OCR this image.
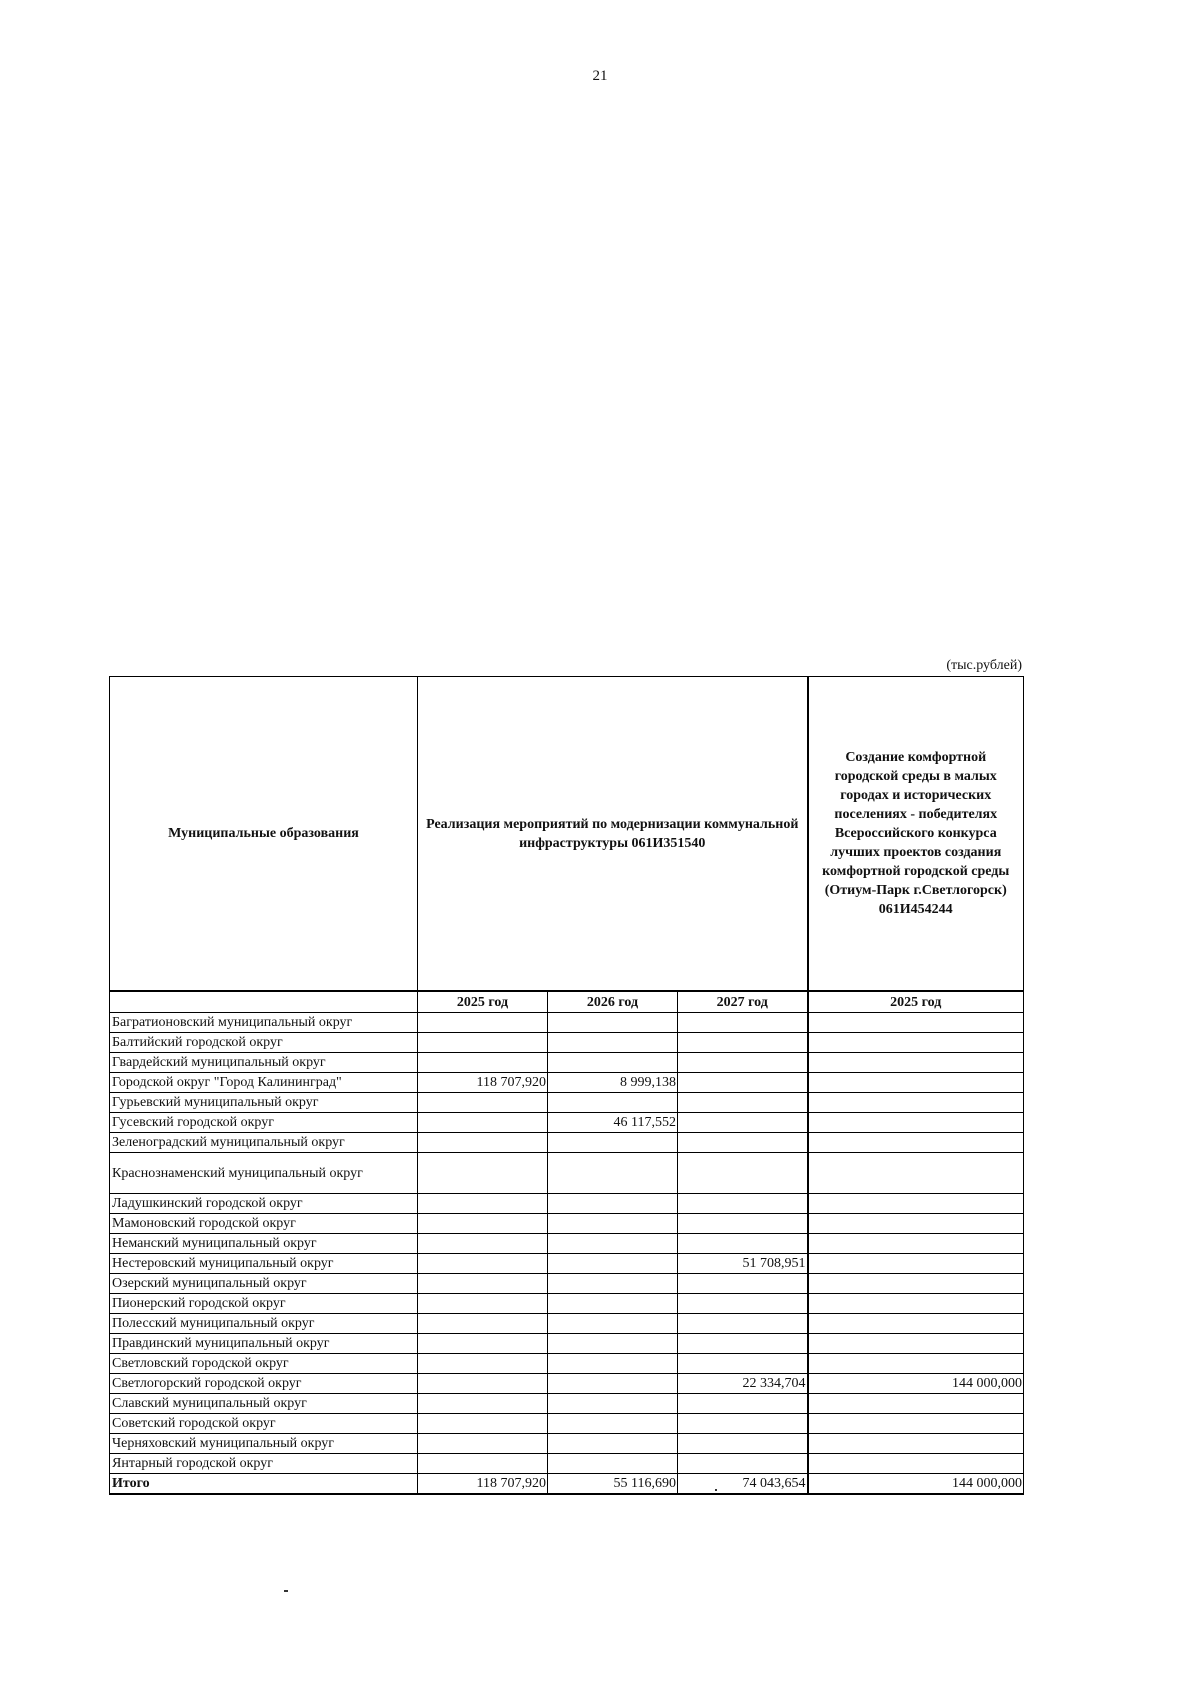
21
(тыс.рублей)
Муниципальные образования	Реализация мероприятий по модернизации коммунальной инфраструктуры 061И351540			Создание комфортной городской среды в малых городах и исторических поселениях - победителях Всероссийского конкурса лучших проектов создания комфортной городской среды (Отиум-Парк г.Светлогорск) 061И454244
	2025 год	2026 год	2027 год	2025 год
Багратионовский муниципальный округ				
Балтийский городской округ				
Гвардейский муниципальный округ				
Городской округ "Город Калининград"	118 707,920	8 999,138		
Гурьевский муниципальный округ				
Гусевский городской округ		46 117,552		
Зеленоградский муниципальный округ				
Краснознаменский муниципальный округ				
Ладушкинский городской округ				
Мамоновский городской округ				
Неманский муниципальный округ				
Нестеровский муниципальный округ			51 708,951	
Озерский муниципальный округ				
Пионерский городской округ				
Полесский муниципальный округ				
Правдинский муниципальный округ				
Светловский городской округ				
Светлогорский городской округ			22 334,704	144 000,000
Славский муниципальный округ				
Советский городской округ				
Черняховский муниципальный округ				
Янтарный городской округ				
Итого	118 707,920	55 116,690	74 043,654	144 000,000
